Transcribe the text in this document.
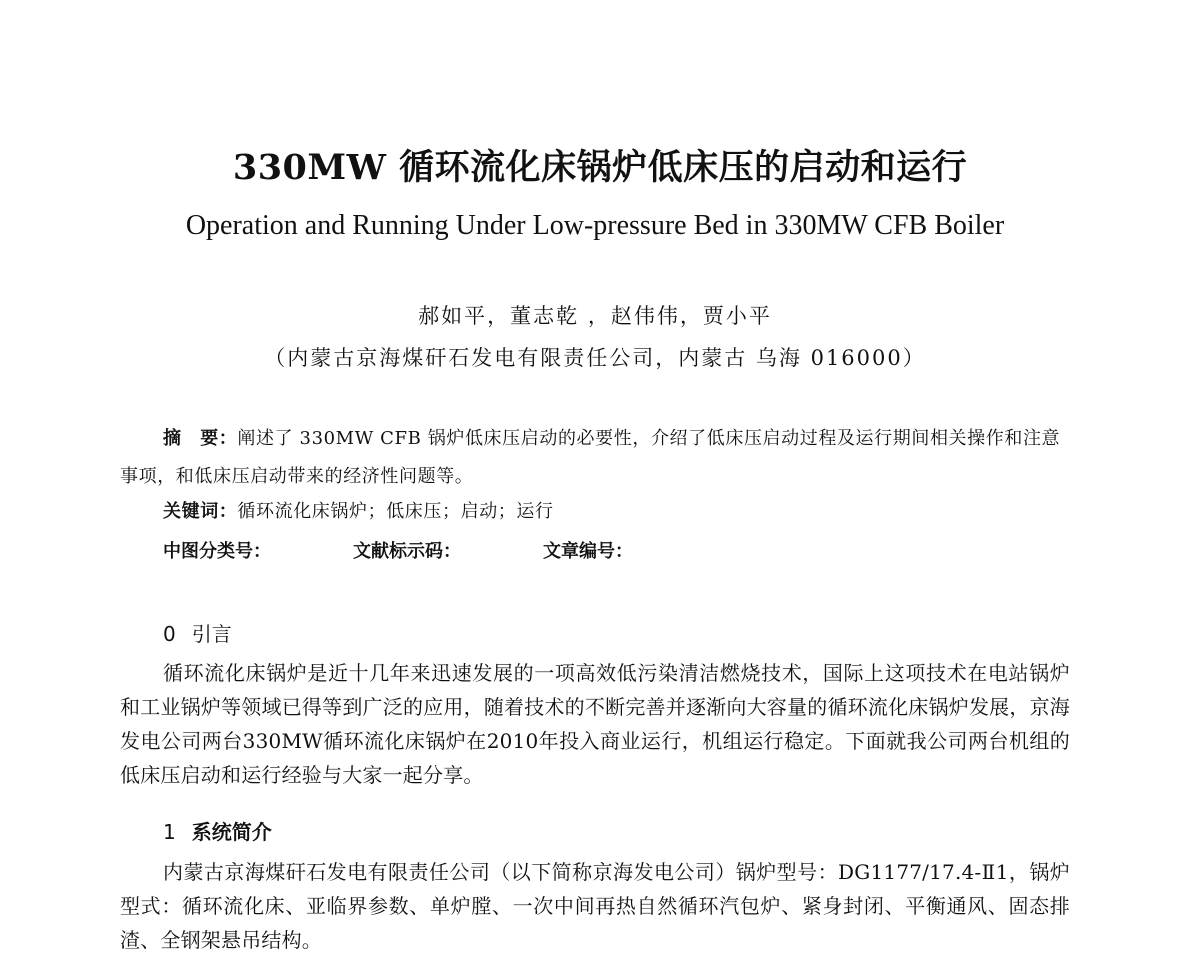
330MW 循环流化床锅炉低床压的启动和运行
Operation and Running Under Low-pressure Bed in 330MW CFB Boiler
郝如平，董志乾 ，赵伟伟，贾小平
（内蒙古京海煤矸石发电有限责任公司，内蒙古 乌海 016000）
摘　要：阐述了 330MW CFB 锅炉低床压启动的必要性，介绍了低床压启动过程及运行期间相关操作和注意事项，和低床压启动带来的经济性问题等。
关键词：循环流化床锅炉；低床压；启动；运行
中图分类号：	文献标示码：	文章编号：
0 引言
循环流化床锅炉是近十几年来迅速发展的一项高效低污染清洁燃烧技术，国际上这项技术在电站锅炉和工业锅炉等领域已得等到广泛的应用，随着技术的不断完善并逐渐向大容量的循环流化床锅炉发展，京海发电公司两台330MW循环流化床锅炉在2010年投入商业运行，机组运行稳定。下面就我公司两台机组的低床压启动和运行经验与大家一起分享。
1 系统简介
内蒙古京海煤矸石发电有限责任公司（以下简称京海发电公司）锅炉型号：DG1177/17.4-Ⅱ1，锅炉型式：循环流化床、亚临界参数、单炉膛、一次中间再热自然循环汽包炉、紧身封闭、平衡通风、固态排渣、全钢架悬吊结构。
